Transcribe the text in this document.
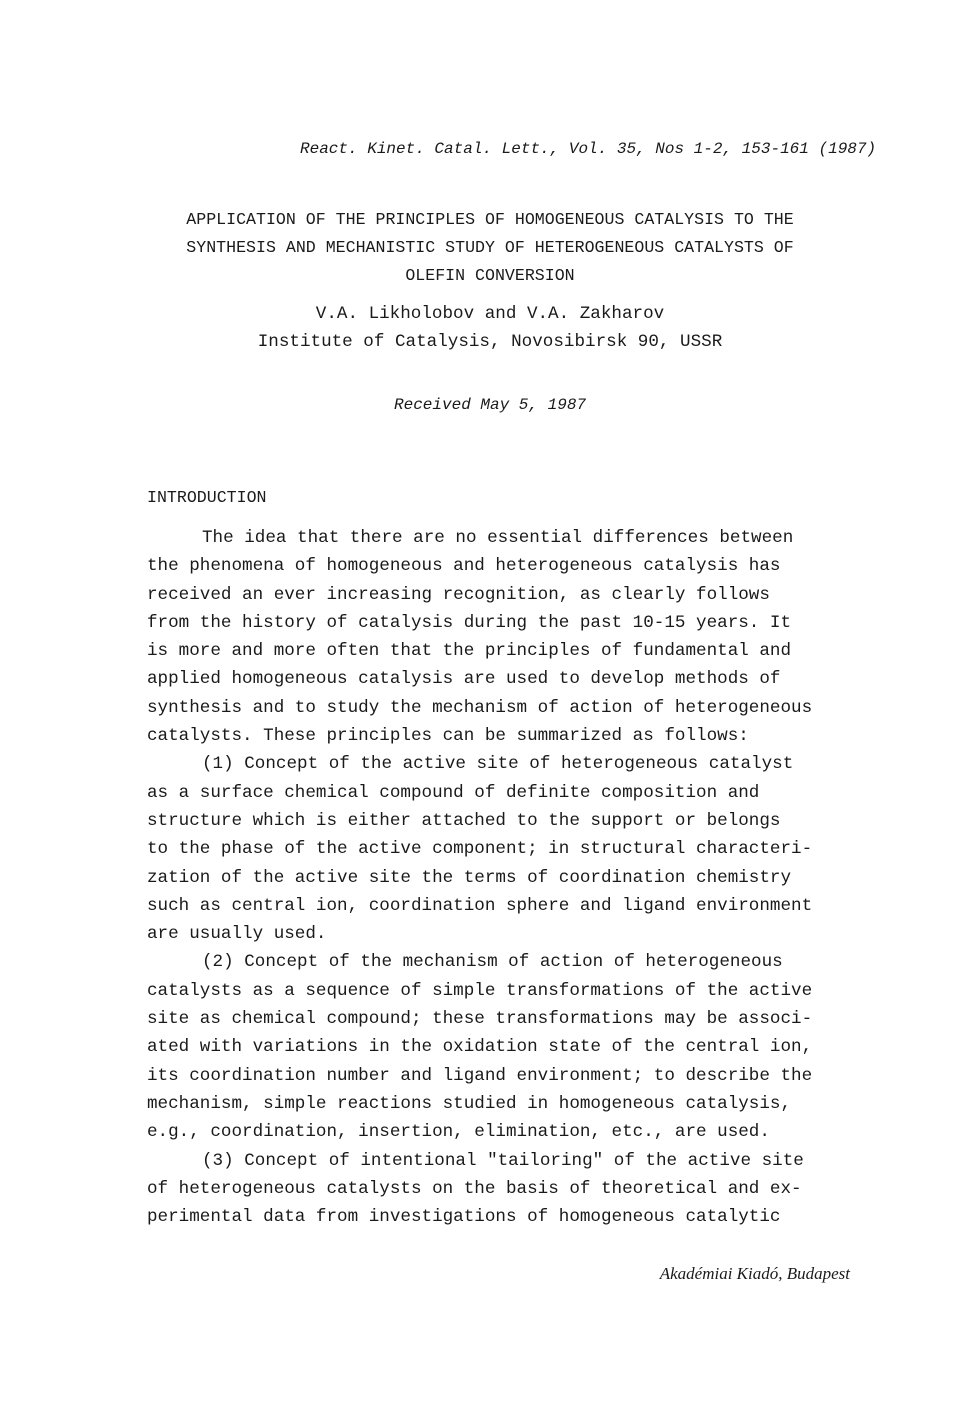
React. Kinet. Catal. Lett., Vol. 35, Nos 1-2, 153-161 (1987)
APPLICATION OF THE PRINCIPLES OF HOMOGENEOUS CATALYSIS TO THE
SYNTHESIS AND MECHANISTIC STUDY OF HETEROGENEOUS CATALYSTS OF
OLEFIN CONVERSION
V.A. Likholobov and V.A. Zakharov
Institute of Catalysis, Novosibirsk 90, USSR
Received May 5, 1987
INTRODUCTION
The idea that there are no essential differences between
the phenomena of homogeneous and heterogeneous catalysis has
received an ever increasing recognition, as clearly follows
from the history of catalysis during the past 10-15 years. It
is more and more often that the principles of fundamental and
applied homogeneous catalysis are used to develop methods of
synthesis and to study the mechanism of action of heterogeneous
catalysts. These principles can be summarized as follows:
(1) Concept of the active site of heterogeneous catalyst
as a surface chemical compound of definite composition and
structure which is either attached to the support or belongs
to the phase of the active component; in structural characteri-
zation of the active site the terms of coordination chemistry
such as central ion, coordination sphere and ligand environment
are usually used.
(2) Concept of the mechanism of action of heterogeneous
catalysts as a sequence of simple transformations of the active
site as chemical compound; these transformations may be associ-
ated with variations in the oxidation state of the central ion,
its coordination number and ligand environment; to describe the
mechanism, simple reactions studied in homogeneous catalysis,
e.g., coordination, insertion, elimination, etc., are used.
(3) Concept of intentional "tailoring" of the active site
of heterogeneous catalysts on the basis of theoretical and ex-
perimental data from investigations of homogeneous catalytic
Akadémiai Kiadó, Budapest
